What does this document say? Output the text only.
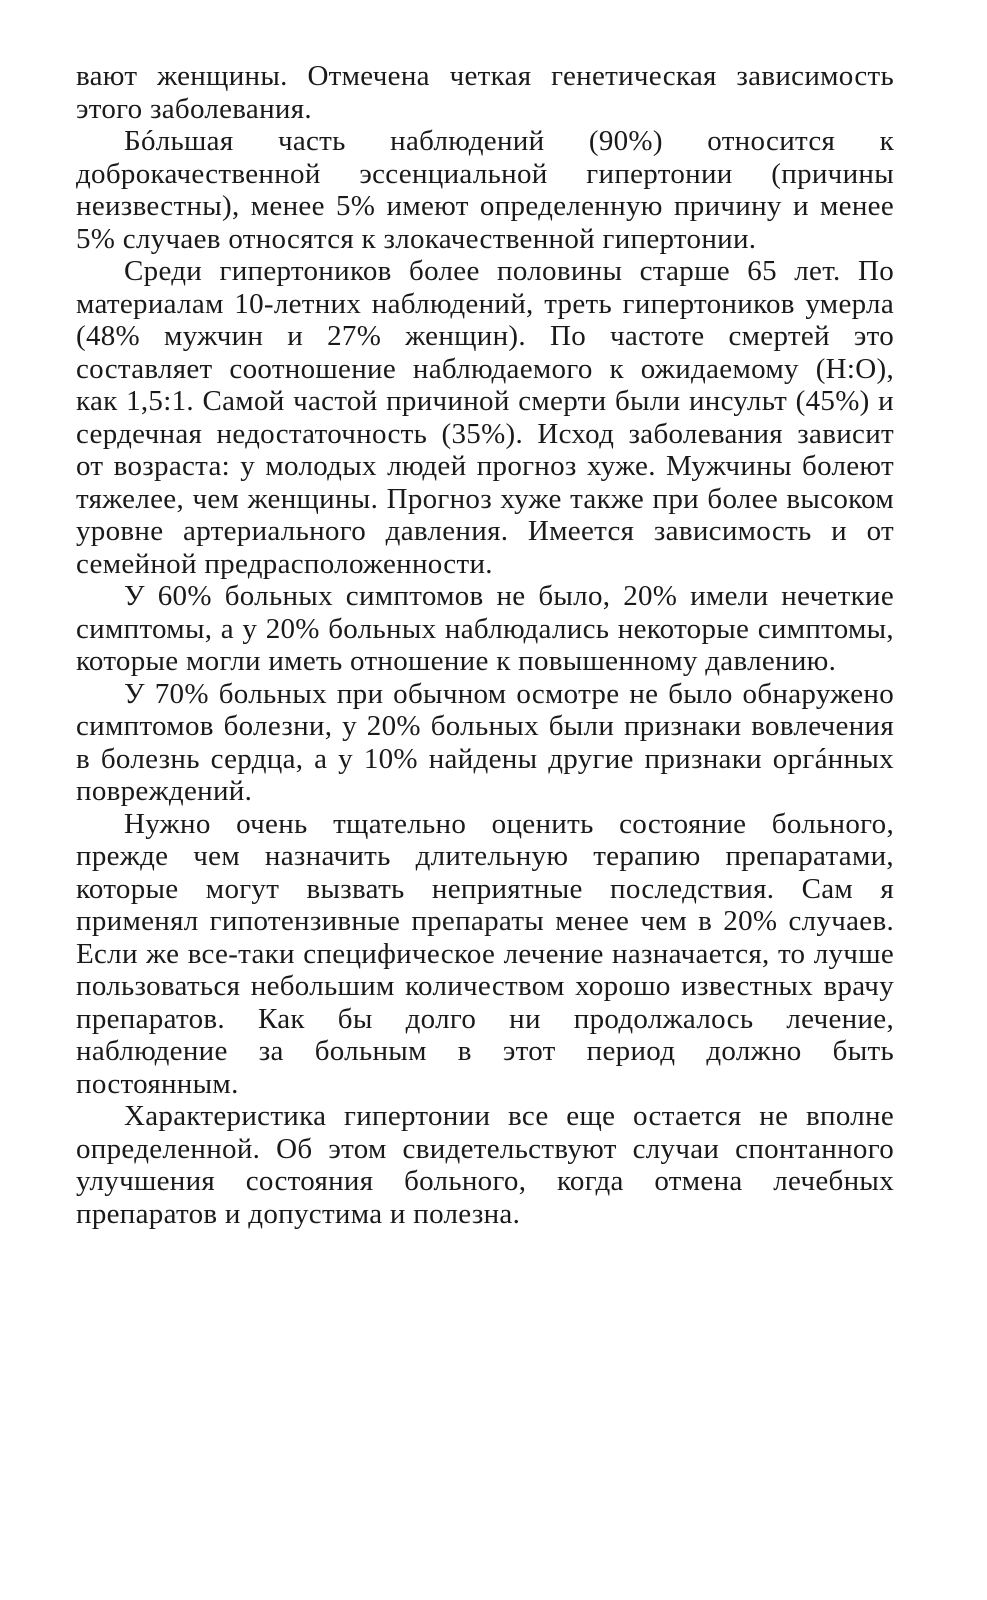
вают женщины. Отмечена четкая генетическая зависимость этого заболевания.

Бóльшая часть наблюдений (90%) относится к доброкачественной эссенциальной гипертонии (причины неизвестны), менее 5% имеют определенную причину и менее 5% случаев относятся к злокачественной гипертонии.

Среди гипертоников более половины старше 65 лет. По материалам 10-летних наблюдений, треть гипертоников умерла (48% мужчин и 27% женщин). По частоте смертей это составляет соотношение наблюдаемого к ожидаемому (Н:О), как 1,5:1. Самой частой причиной смерти были инсульт (45%) и сердечная недостаточность (35%). Исход заболевания зависит от возраста: у молодых людей прогноз хуже. Мужчины болеют тяжелее, чем женщины. Прогноз хуже также при более высоком уровне артериального давления. Имеется зависимость и от семейной предрасположенности.

У 60% больных симптомов не было, 20% имели нечеткие симптомы, а у 20% больных наблюдались некоторые симптомы, которые могли иметь отношение к повышенному давлению.

У 70% больных при обычном осмотре не было обнаружено симптомов болезни, у 20% больных были признаки вовлечения в болезнь сердца, а у 10% найдены другие признаки оргáнных повреждений.

Нужно очень тщательно оценить состояние больного, прежде чем назначить длительную терапию препаратами, которые могут вызвать неприятные последствия. Сам я применял гипотензивные препараты менее чем в 20% случаев. Если же все-таки специфическое лечение назначается, то лучше пользоваться небольшим количеством хорошо известных врачу препаратов. Как бы долго ни продолжалось лечение, наблюдение за больным в этот период должно быть постоянным.

Характеристика гипертонии все еще остается не вполне определенной. Об этом свидетельствуют случаи спонтанного улучшения состояния больного, когда отмена лечебных препаратов и допустима и полезна.
